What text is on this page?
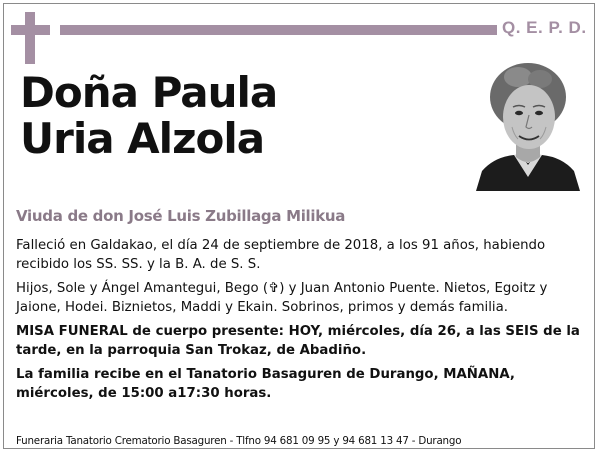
Q. E. P. D.
Doña Paula
Uria Alzola
Viuda de don José Luis Zubillaga Milikua

Falleció en Galdakao, el día 24 de septiembre de 2018, a los 91 años, habiendo recibido los SS. SS. y la B. A. de S. S.

Hijos, Sole y Ángel Amantegui, Bego (✞) y Juan Antonio Puente. Nietos, Egoitz y Jaione, Hodei. Biznietos, Maddi y Ekain. Sobrinos, primos y demás familia.

MISA FUNERAL de cuerpo presente: HOY, miércoles, día 26, a las SEIS de la tarde, en la parroquia San Trokaz, de Abadiño.

La familia recibe en el Tanatorio Basaguren de Durango, MAÑANA, miércoles, de 15:00 a17:30 horas.

Funeraria Tanatorio Crematorio Basaguren - Tlfno 94 681 09 95 y 94 681 13 47 - Durango
